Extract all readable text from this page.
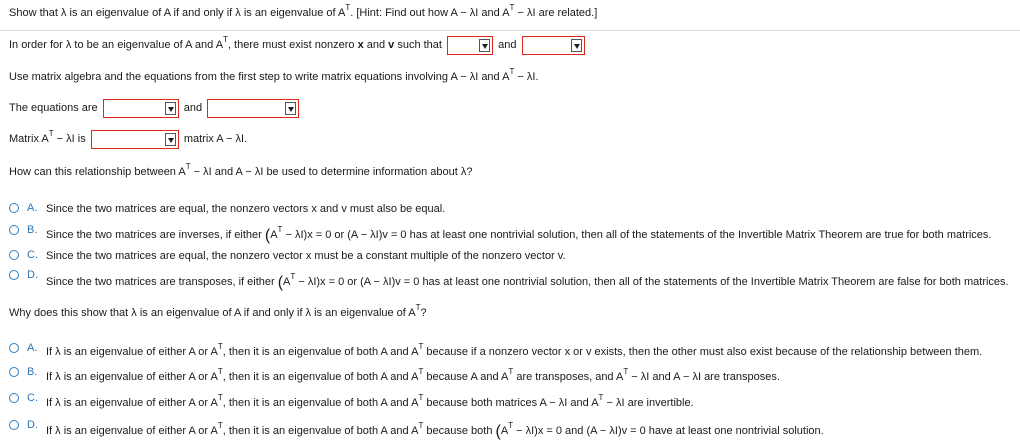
Show that λ is an eigenvalue of A if and only if λ is an eigenvalue of $A^T$. [Hint: Find out how A − λI and $A^T - \lambda I$ are related.]
In order for λ to be an eigenvalue of A and $A^T$, there must exist nonzero x and v such that	and
Use matrix algebra and the equations from the first step to write matrix equations involving A − λI and $A^T - \lambda I$.
The equations are	and
Matrix $A^T - \lambda I$ is	matrix A − λI.
How can this relationship between $A^T - \lambda I$ and A − λI be used to determine information about λ?
A. Since the two matrices are equal, the nonzero vectors x and v must also be equal.
B. Since the two matrices are inverses, if either $(A^T - \lambda I)x = 0$ or (A − λI)v = 0 has at least one nontrivial solution, then all of the statements of the Invertible Matrix Theorem are true for both matrices.
C. Since the two matrices are equal, the nonzero vector x must be a constant multiple of the nonzero vector v.
D.
Since the two matrices are transposes, if either $(A^T - \lambda I)x = 0$ or (A − λI)v = 0 has at least one nontrivial solution, then all of the statements of the Invertible Matrix Theorem are false for both matrices.
Why does this show that λ is an eigenvalue of A if and only if λ is an eigenvalue of $A^T$?
A. If λ is an eigenvalue of either A or $A^T$, then it is an eigenvalue of both A and $A^T$ because if a nonzero vector x or v exists, then the other must also exist because of the relationship between them.
B. If λ is an eigenvalue of either A or $A^T$, then it is an eigenvalue of both A and $A^T$ because A and $A^T$ are transposes, and $A^T - \lambda I$ and A − λI are transposes.
C. If λ is an eigenvalue of either A or $A^T$, then it is an eigenvalue of both A and $A^T$ because both matrices A − λI and $A^T - \lambda I$ are invertible.
D. If λ is an eigenvalue of either A or $A^T$, then it is an eigenvalue of both A and $A^T$ because both $(A^T - \lambda I)x = 0$ and (A − λI)v = 0 have at least one nontrivial solution.
